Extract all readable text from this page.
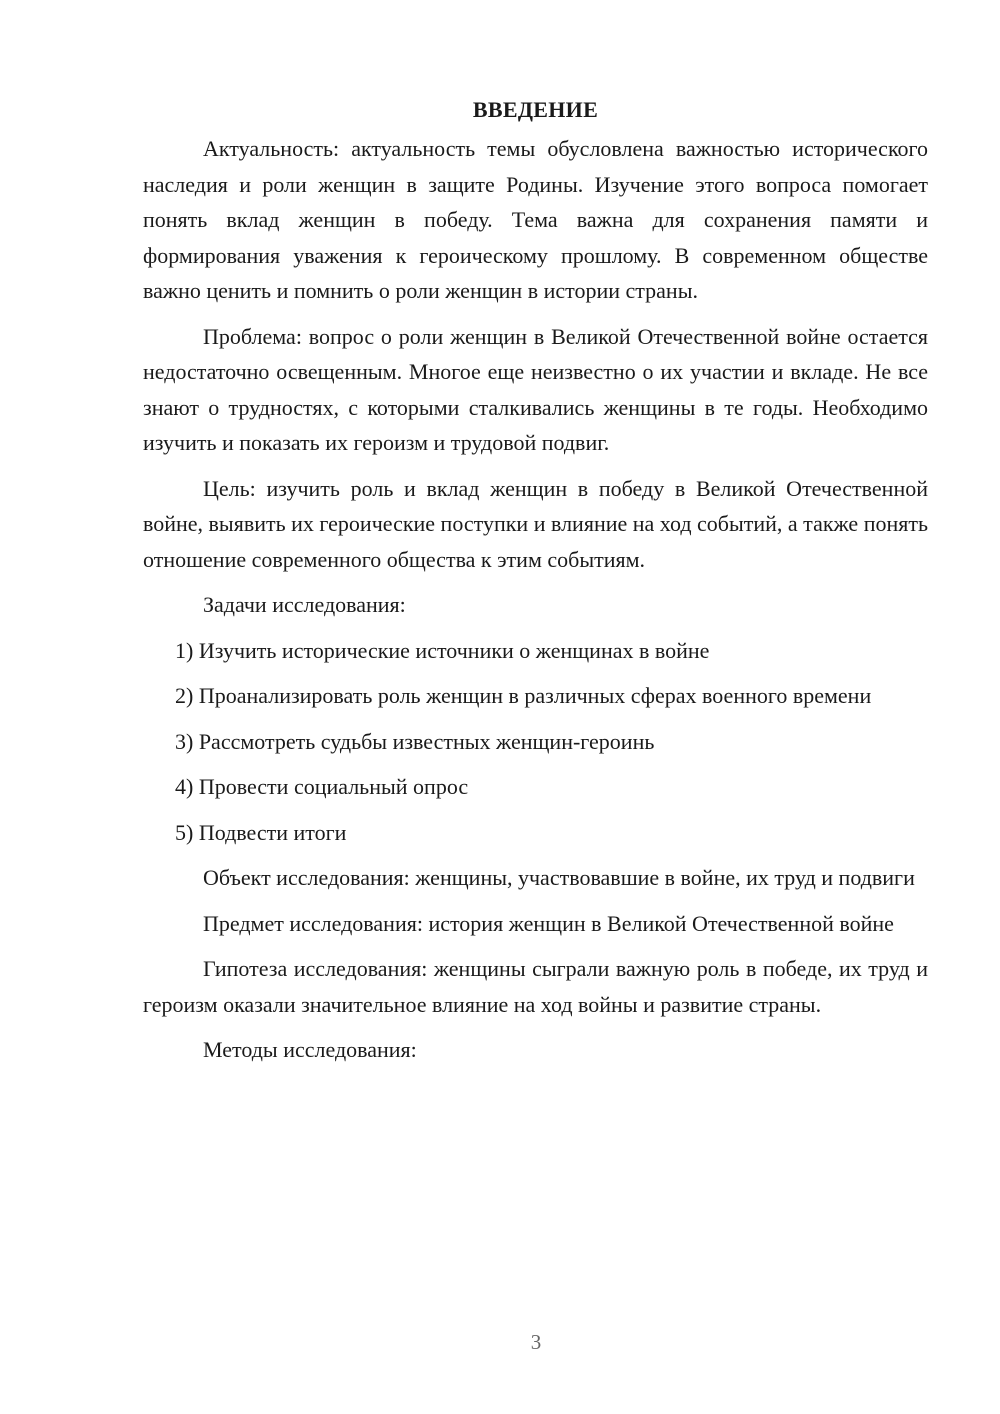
ВВЕДЕНИЕ

Актуальность: актуальность темы обусловлена важностью исторического наследия и роли женщин в защите Родины. Изучение этого вопроса помогает понять вклад женщин в победу. Тема важна для сохранения памяти и формирования уважения к героическому прошлому. В современном обществе важно ценить и помнить о роли женщин в истории страны.

Проблема: вопрос о роли женщин в Великой Отечественной войне остается недостаточно освещенным. Многое еще неизвестно о их участии и вкладе. Не все знают о трудностях, с которыми сталкивались женщины в те годы. Необходимо изучить и показать их героизм и трудовой подвиг.

Цель: изучить роль и вклад женщин в победу в Великой Отечественной войне, выявить их героические поступки и влияние на ход событий, а также понять отношение современного общества к этим событиям.

Задачи исследования:

1) Изучить исторические источники о женщинах в войне

2) Проанализировать роль женщин в различных сферах военного времени

3) Рассмотреть судьбы известных женщин-героинь

4) Провести социальный опрос

5) Подвести итоги

Объект исследования: женщины, участвовавшие в войне, их труд и подвиги

Предмет исследования: история женщин в Великой Отечественной войне

Гипотеза исследования: женщины сыграли важную роль в победе, их труд и героизм оказали значительное влияние на ход войны и развитие страны.

Методы исследования:

3
